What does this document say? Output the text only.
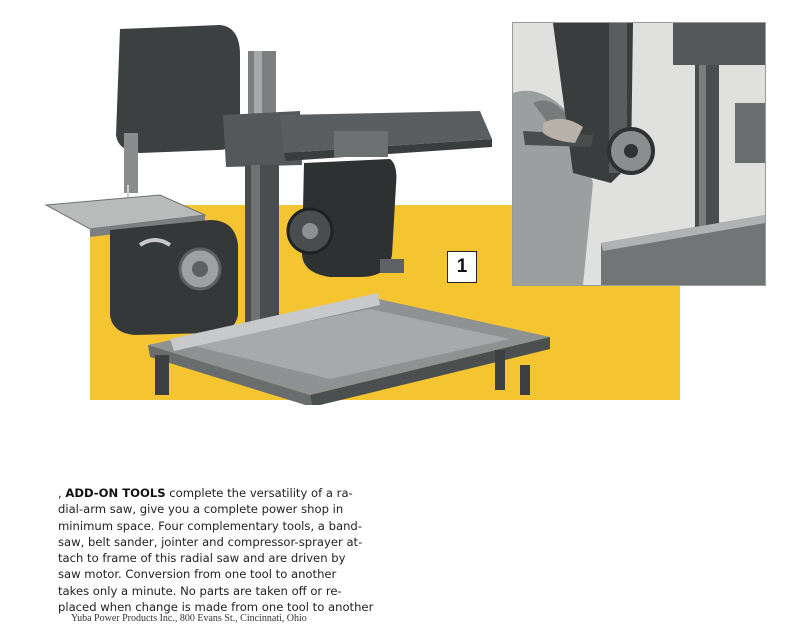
1
, ADD-ON TOOLS complete the versatility of a ra-
dial-arm saw, give you a complete power shop in
minimum space. Four complementary tools, a band-
saw, belt sander, jointer and compressor-sprayer at-
tach to frame of this radial saw and are driven by
saw motor. Conversion from one tool to another
takes only a minute. No parts are taken off or re-
placed when change is made from one tool to another
Yuba Power Products Inc., 800 Evans St., Cincinnati, Ohio
